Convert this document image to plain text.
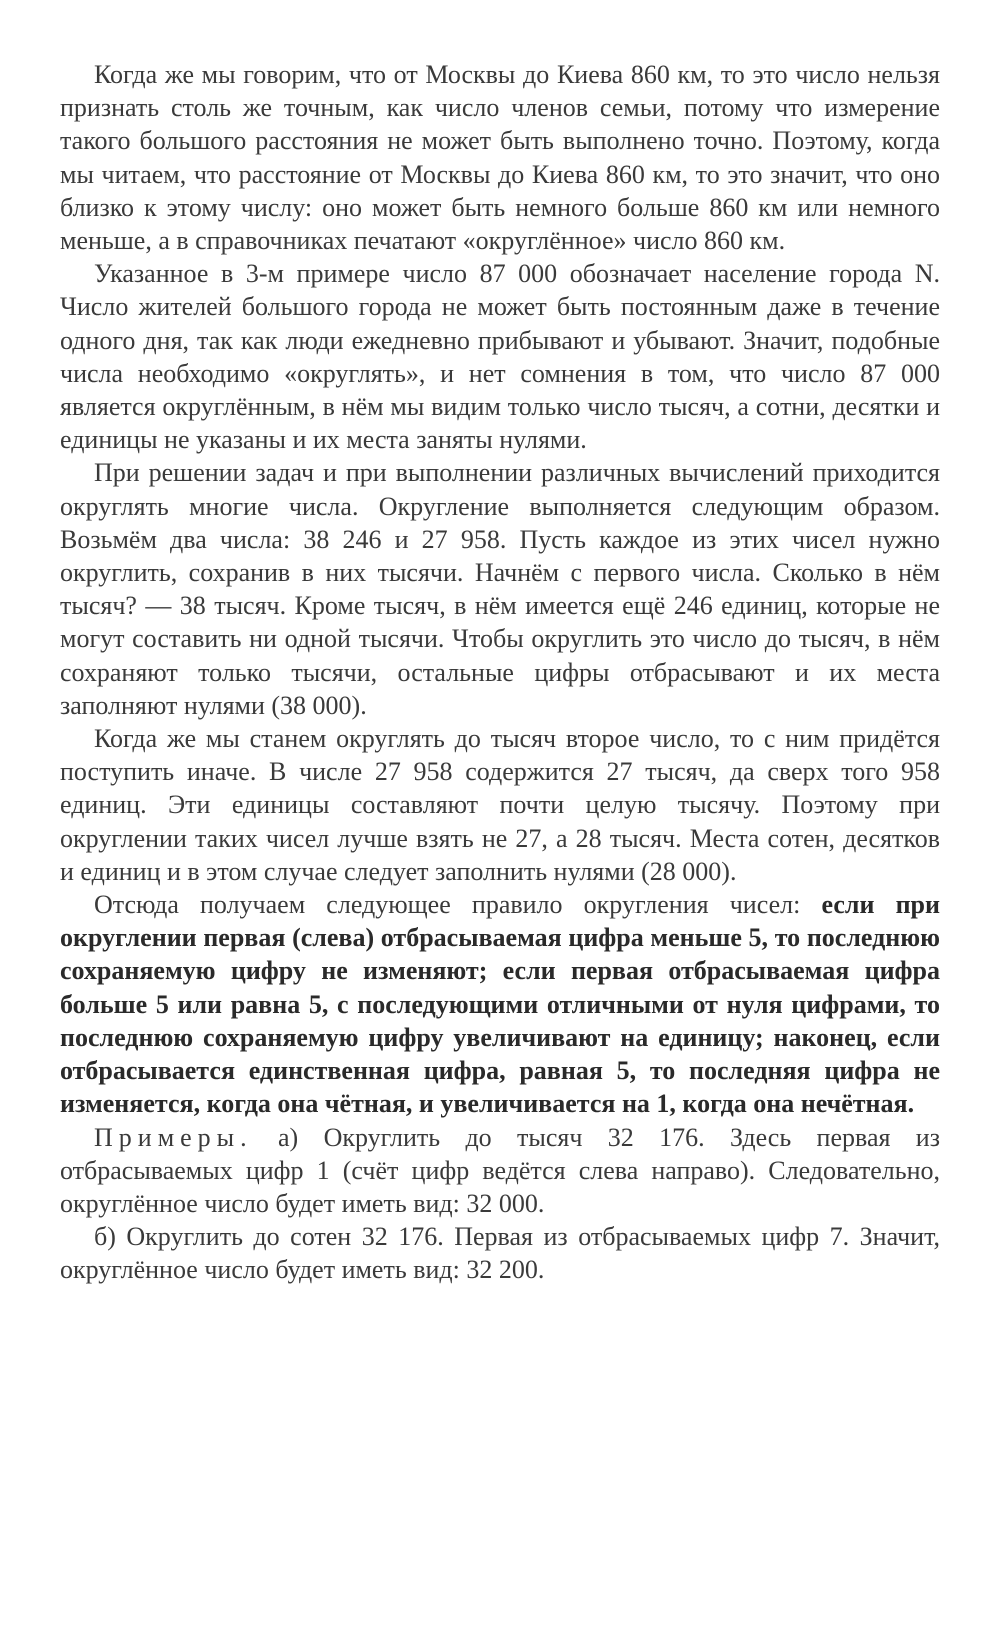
Когда же мы говорим, что от Москвы до Киева 860 км, то это число нельзя признать столь же точным, как число членов семьи, потому что измерение такого большого расстояния не может быть выполнено точно. Поэтому, когда мы читаем, что расстояние от Москвы до Киева 860 км, то это значит, что оно близко к этому числу: оно может быть немного больше 860 км или немного меньше, а в справочниках печатают «округлённое» число 860 км.

Указанное в 3-м примере число 87 000 обозначает население города N. Число жителей большого города не может быть постоянным даже в течение одного дня, так как люди ежедневно прибывают и убывают. Значит, подобные числа необходимо «округлять», и нет сомнения в том, что число 87 000 является округлённым, в нём мы видим только число тысяч, а сотни, десятки и единицы не указаны и их места заняты нулями.

При решении задач и при выполнении различных вычислений приходится округлять многие числа. Округление выполняется следующим образом. Возьмём два числа: 38 246 и 27 958. Пусть каждое из этих чисел нужно округлить, сохранив в них тысячи. Начнём с первого числа. Сколько в нём тысяч? — 38 тысяч. Кроме тысяч, в нём имеется ещё 246 единиц, которые не могут составить ни одной тысячи. Чтобы округлить это число до тысяч, в нём сохраняют только тысячи, остальные цифры отбрасывают и их места заполняют нулями (38 000).

Когда же мы станем округлять до тысяч второе число, то с ним придётся поступить иначе. В числе 27 958 содержится 27 тысяч, да сверх того 958 единиц. Эти единицы составляют почти целую тысячу. Поэтому при округлении таких чисел лучше взять не 27, а 28 тысяч. Места сотен, десятков и единиц и в этом случае следует заполнить нулями (28 000).

Отсюда получаем следующее правило округления чисел: если при округлении первая (слева) отбрасываемая цифра меньше 5, то последнюю сохраняемую цифру не изменяют; если первая отбрасываемая цифра больше 5 или равна 5, с последующими отличными от нуля цифрами, то последнюю сохраняемую цифру увеличивают на единицу; наконец, если отбрасывается единственная цифра, равная 5, то последняя цифра не изменяется, когда она чётная, и увеличивается на 1, когда она нечётная.

Примеры. а) Округлить до тысяч 32 176. Здесь первая из отбрасываемых цифр 1 (счёт цифр ведётся слева направо). Следовательно, округлённое число будет иметь вид: 32 000.

б) Округлить до сотен 32 176. Первая из отбрасываемых цифр 7. Значит, округлённое число будет иметь вид: 32 200.
